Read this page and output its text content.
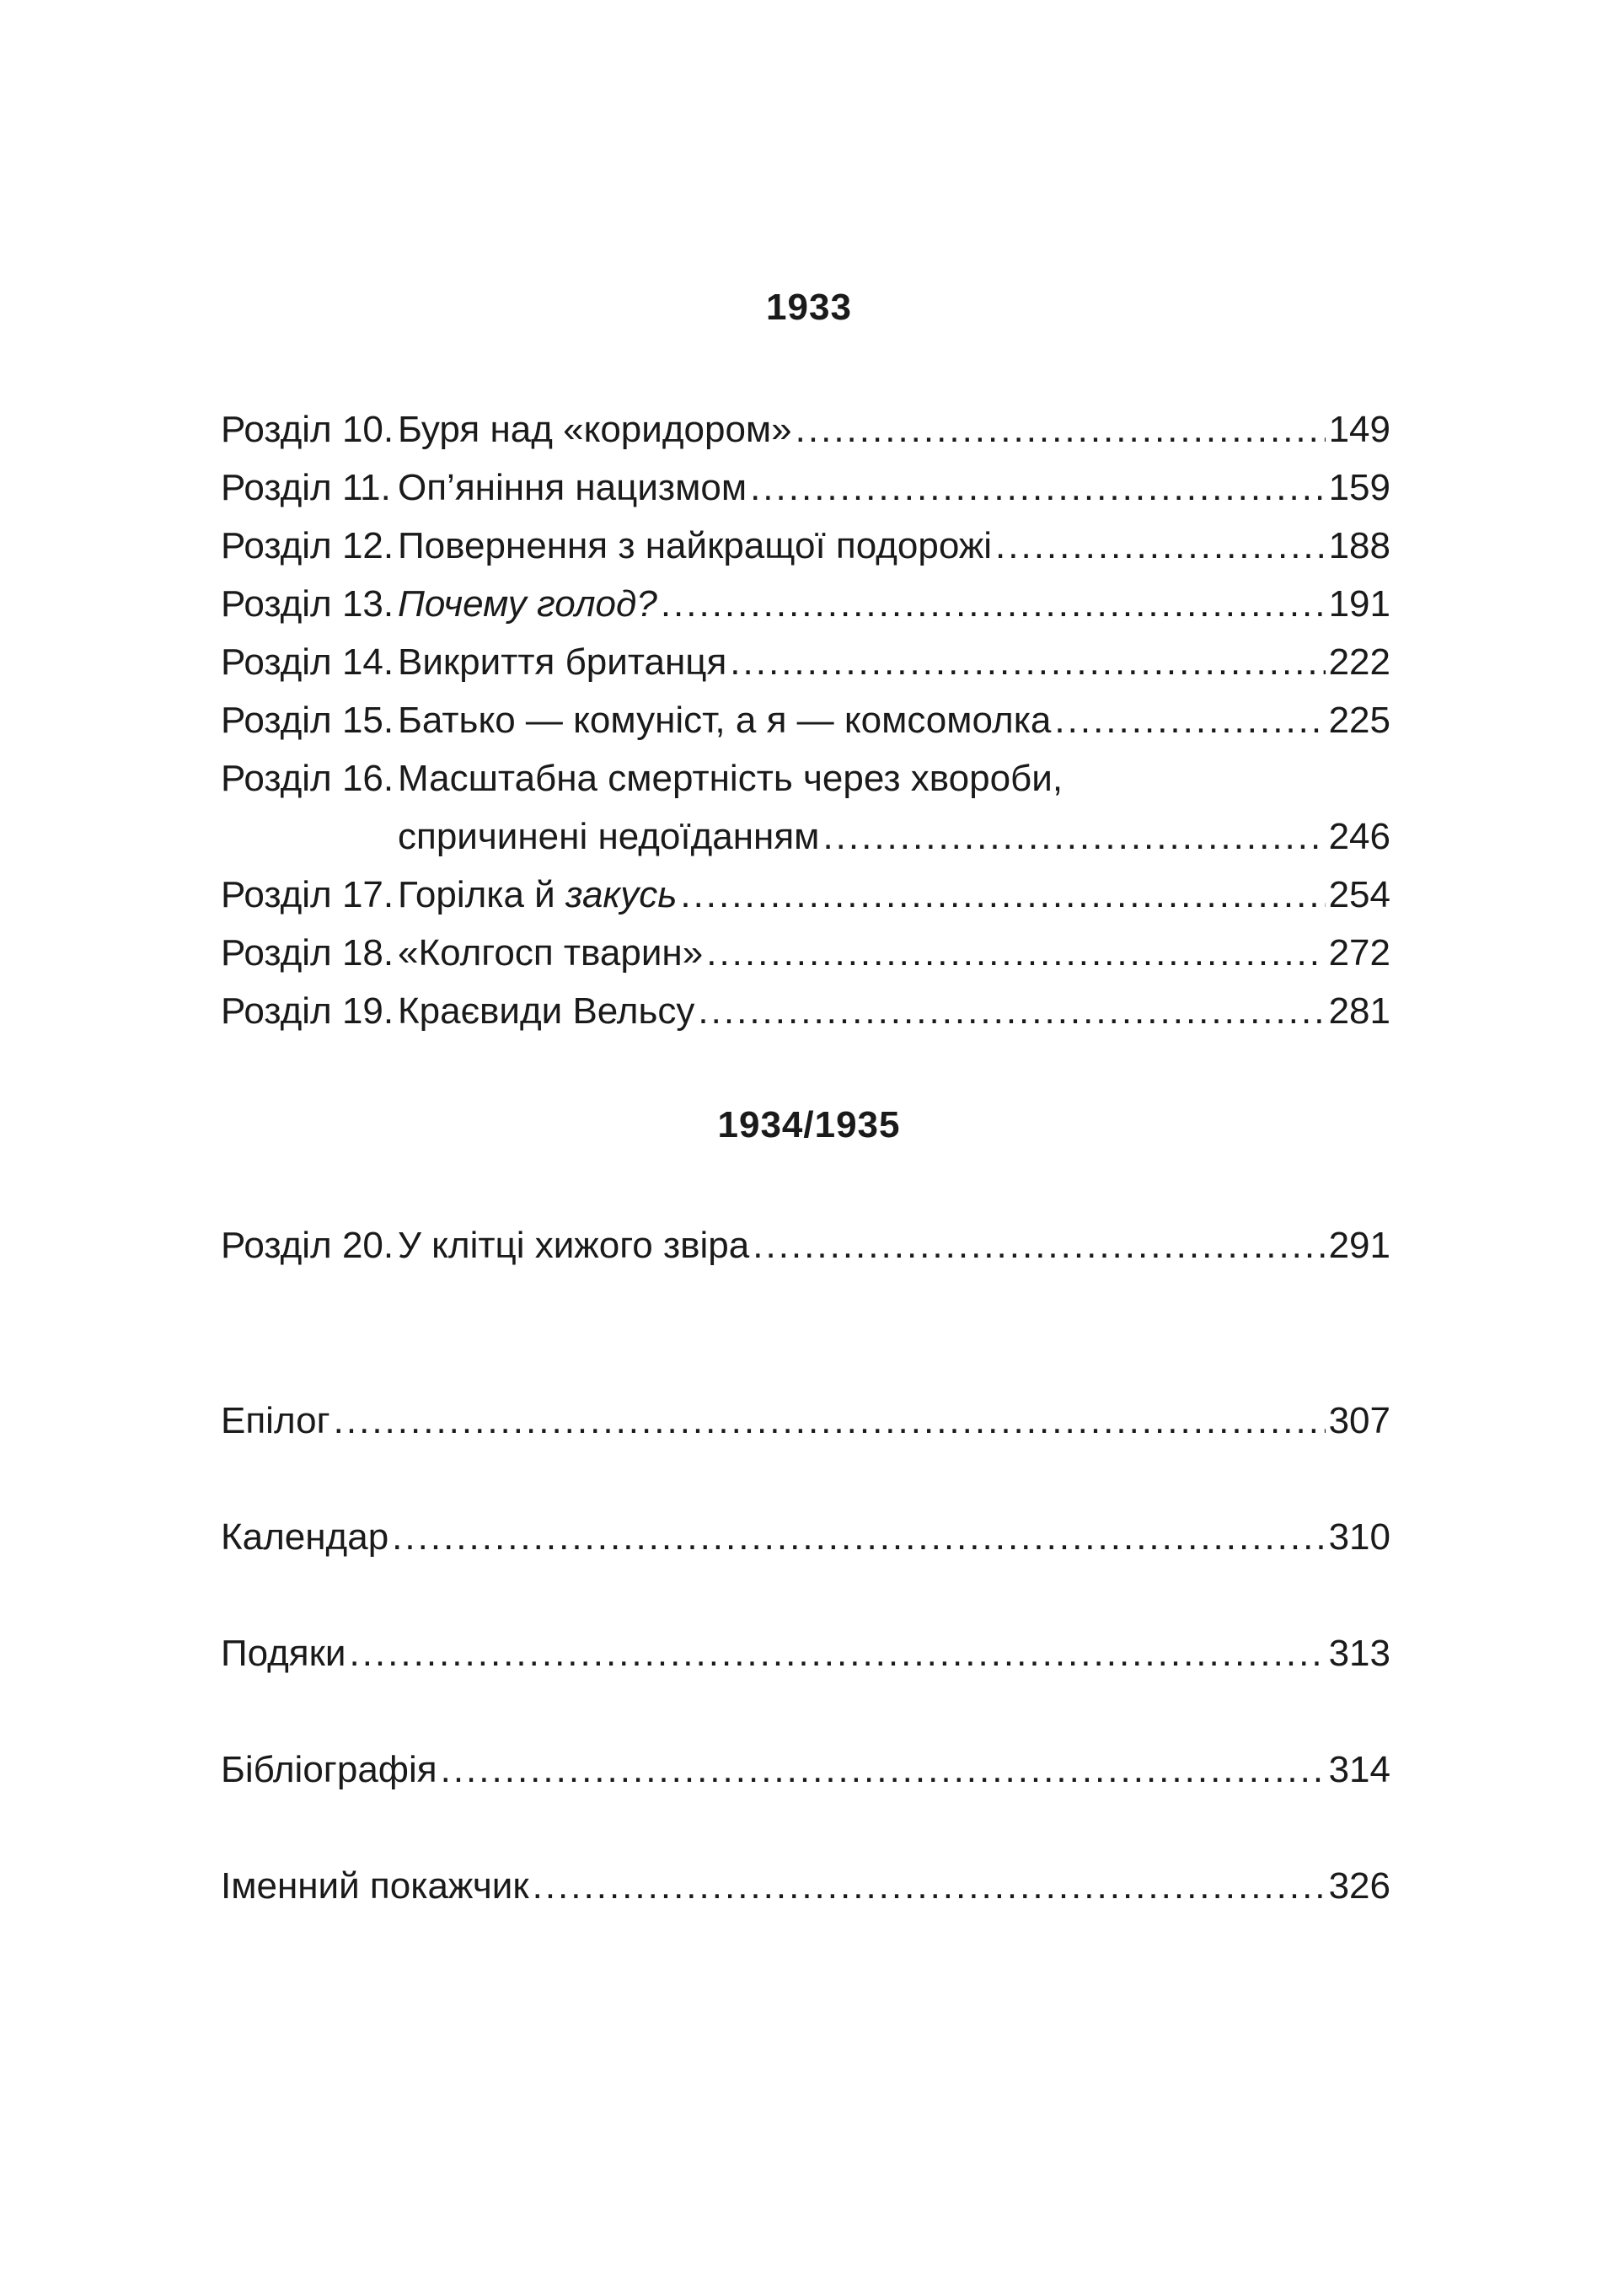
1933
Розділ 10. Буря над «коридором» .....	149
Розділ 11. Оп’яніння нацизмом .....	159
Розділ 12. Повернення з найкращої подорожі .....	188
Розділ 13. Почему голод? .....	191
Розділ 14. Викриття британця .....	222
Розділ 15. Батько — комуніст, а я — комсомолка .....	225
Розділ 16. Масштабна смертність через хвороби,
спричинені недоїданням .....	246
Розділ 17. Горілка й закусь .....	254
Розділ 18. «Колгосп тварин» .....	272
Розділ 19. Краєвиди Вельсу .....	281
1934/1935
Розділ 20. У клітці хижого звіра .....	291
Епілог .....	307
Календар .....	310
Подяки .....	313
Бібліографія .....	314
Іменний покажчик .....	326
